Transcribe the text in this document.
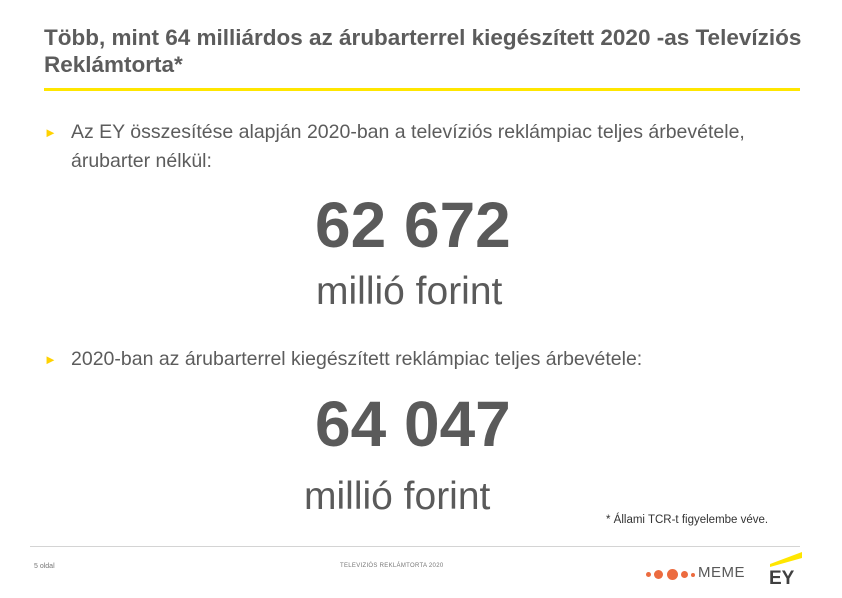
Több, mint 64 milliárdos az árubarterrel kiegészített 2020 -as Televíziós Reklámtorta*
► Az EY összesítése alapján 2020-ban a televíziós reklámpiac teljes árbevétele, árubarter nélkül:
62 672
millió forint
► 2020-ban az árubarterrel kiegészített reklámpiac teljes árbevétele:
64 047
millió forint
* Állami TCR-t figyelembe véve.
5 oldal	TELEVIZIÓS REKLÁMTORTA 2020	MEME EY
